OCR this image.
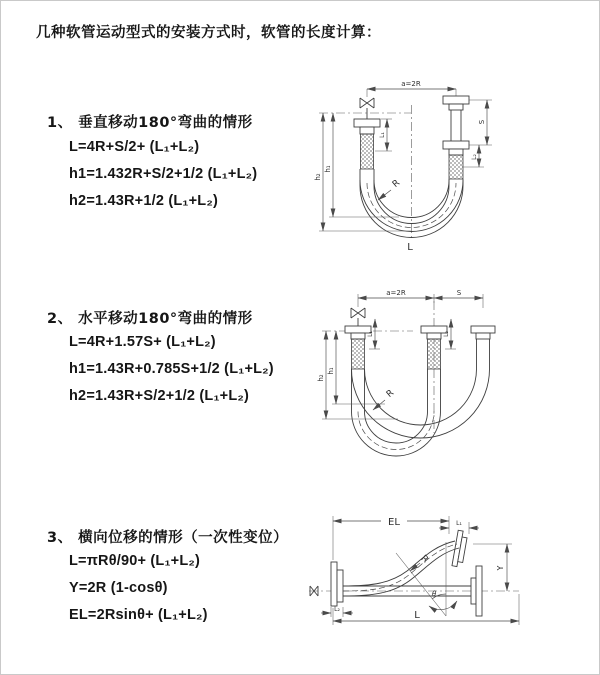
几种软管运动型式的安装方式时，软管的长度计算：
1、 垂直移动180°弯曲的情形
L=4R+S/2+ (L₁+L₂)
h1=1.432R+S/2+1/2 (L₁+L₂)
h2=1.43R+1/2 (L₁+L₂)
2、 水平移动180°弯曲的情形
L=4R+1.57S+ (L₁+L₂)
h1=1.43R+0.785S+1/2 (L₁+L₂)
h2=1.43R+S/2+1/2 (L₁+L₂)
3、 横向位移的情形（一次性变位）
L=πRθ/90+ (L₁+L₂)
Y=2R (1-cosθ)
EL=2Rsinθ+ (L₁+L₂)
a=2R
h₂
h₁
L₁
S
L₂
R
L
a=2R	S
h₂
h₁
L₁	L₂
R
EL	L₁
Y
θ
R
L₂
L
